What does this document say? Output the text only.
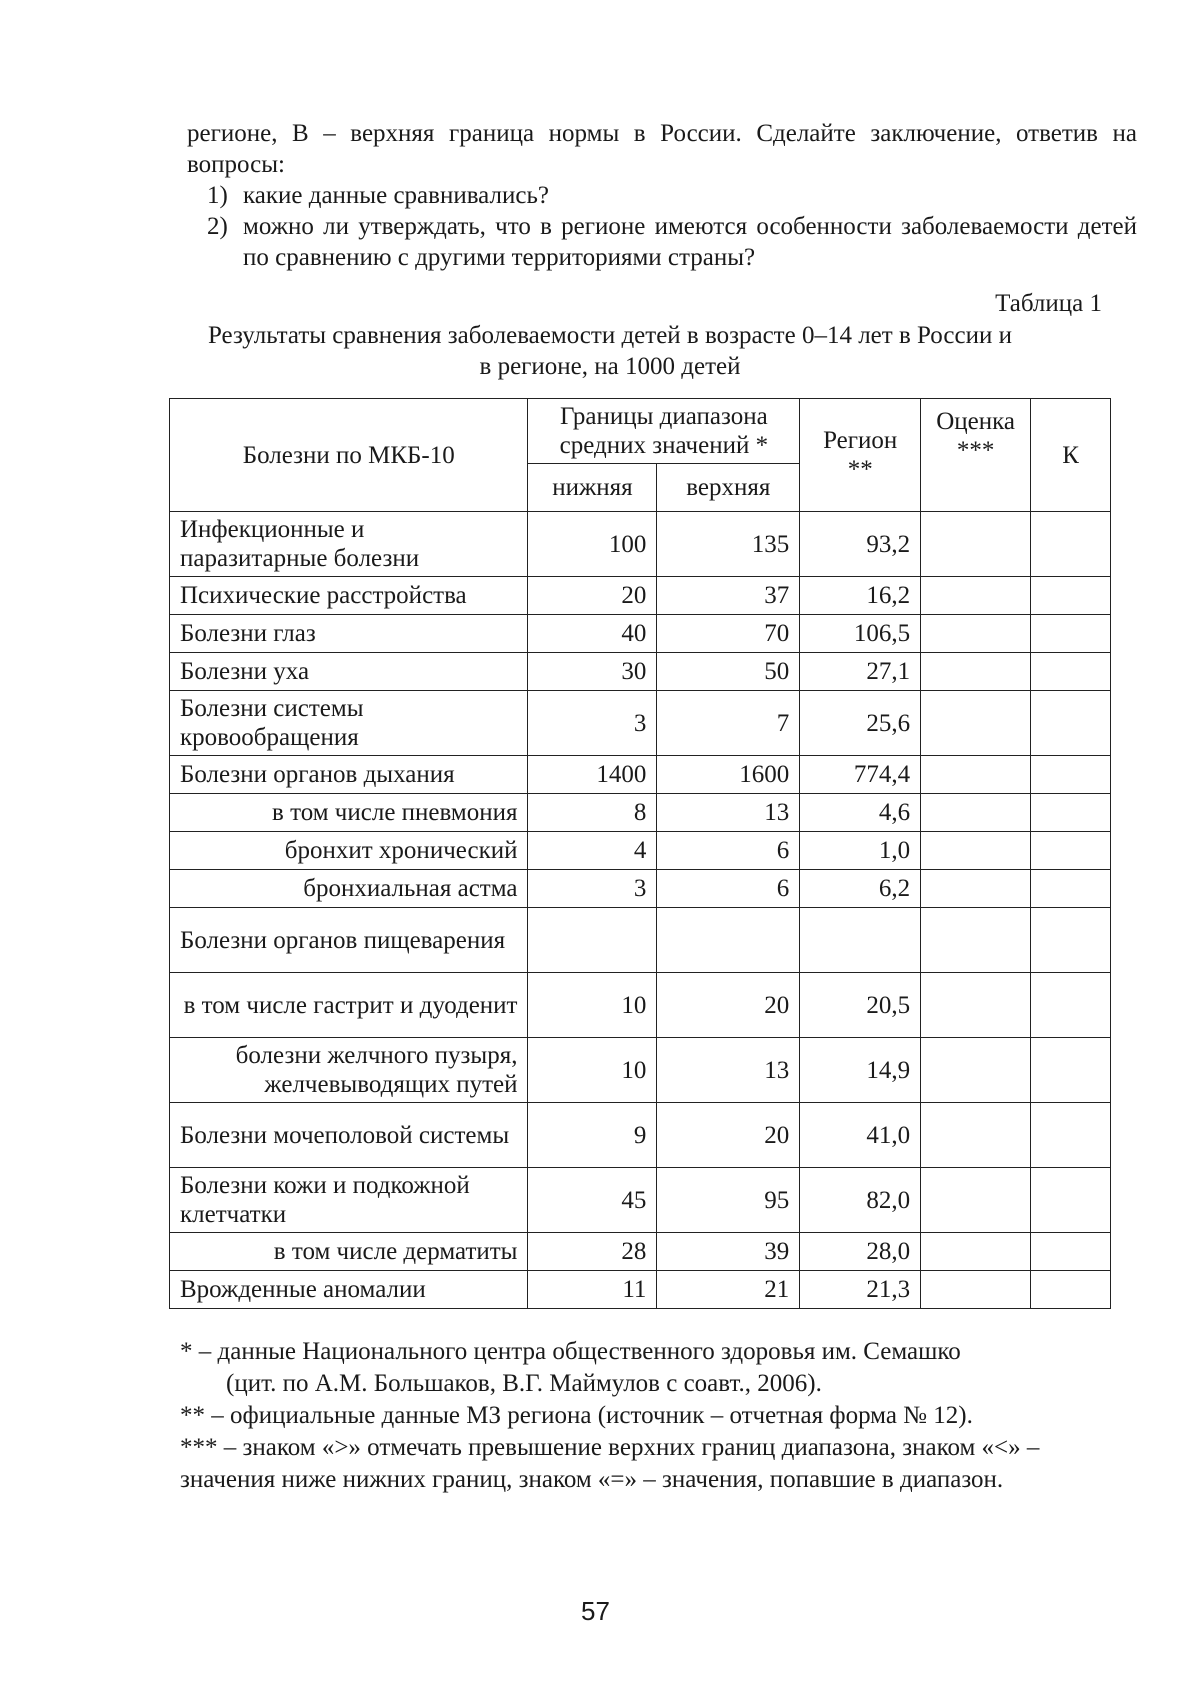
регионе, В – верхняя граница нормы в России. Сделайте заключение, ответив на вопросы:
1) какие данные сравнивались?
2) можно ли утверждать, что в регионе имеются особенности заболеваемости детей по сравнению с другими территориями страны?
Таблица 1
Результаты сравнения заболеваемости детей в возрасте 0–14 лет в России и
в регионе, на 1000 детей
Болезни по МКБ-10	Границы диапазона средних значений *		Регион **	Оценка ***	К
	нижняя	верхняя			
Инфекционные и паразитарные болезни	100	135	93,2		
Психические расстройства	20	37	16,2		
Болезни глаз	40	70	106,5		
Болезни уха	30	50	27,1		
Болезни системы кровообращения	3	7	25,6		
Болезни органов дыхания	1400	1600	774,4		
в том числе пневмония	8	13	4,6		
бронхит хронический	4	6	1,0		
бронхиальная астма	3	6	6,2		
Болезни органов пищеварения					
в том числе гастрит и дуоденит	10	20	20,5		
болезни желчного пузыря, желчевыводящих путей	10	13	14,9		
Болезни мочеполовой системы	9	20	41,0		
Болезни кожи и подкожной клетчатки	45	95	82,0		
в том числе дерматиты	28	39	28,0		
Врожденные аномалии	11	21	21,3		
* – данные Национального центра общественного здоровья им. Семашко
(цит. по А.М. Большаков, В.Г. Маймулов с соавт., 2006).
** – официальные данные МЗ региона (источник – отчетная форма № 12).
*** – знаком «>» отмечать превышение верхних границ диапазона, знаком «<» – значения ниже нижних границ, знаком «=» – значения, попавшие в диапазон.
57
